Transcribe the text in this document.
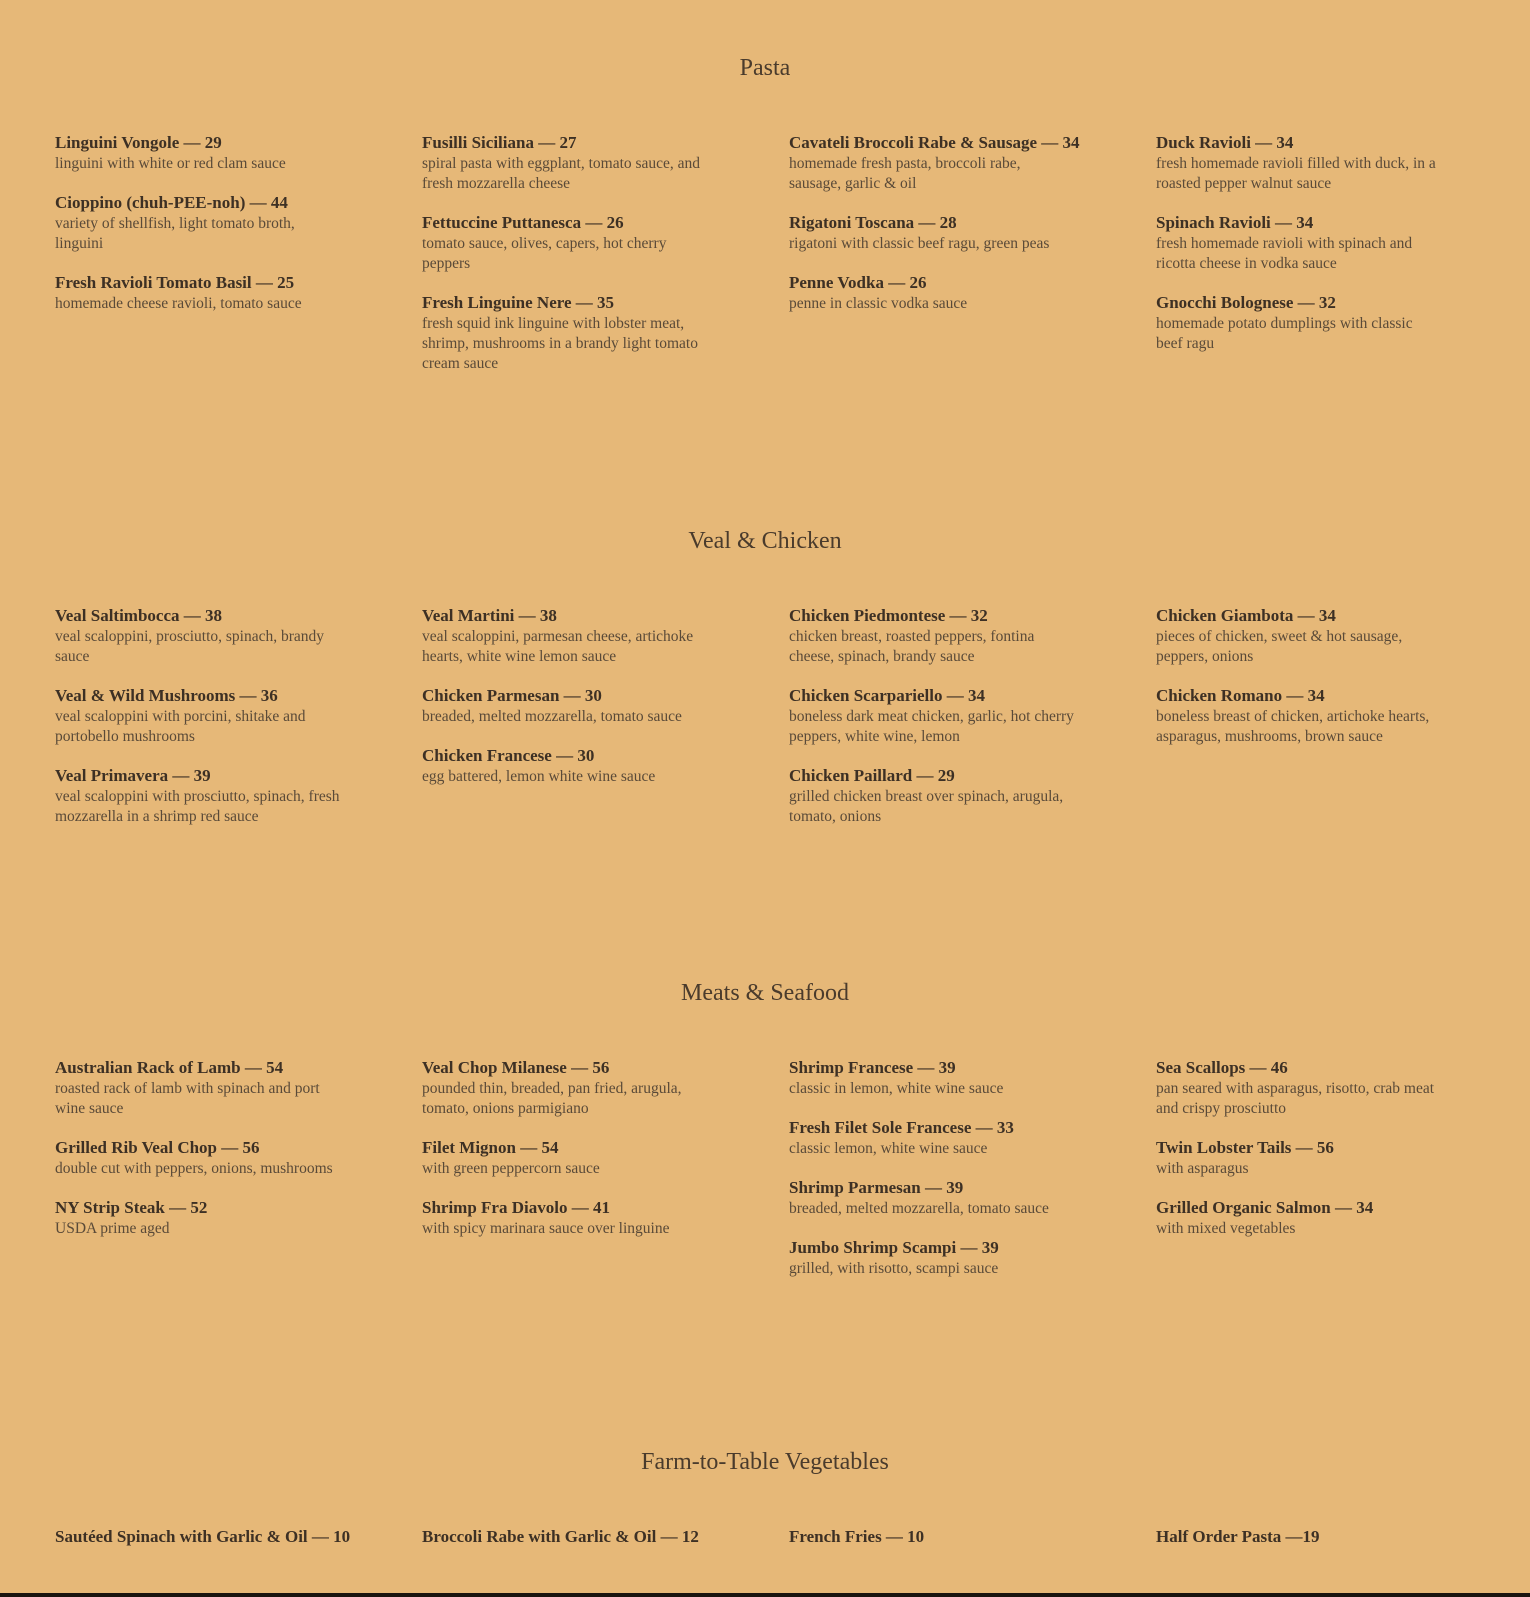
Pasta
Linguini Vongole — 29
linguini with white or red clam sauce
Cioppino (chuh-PEE-noh) — 44
variety of shellfish, light tomato broth, linguini
Fresh Ravioli Tomato Basil — 25
homemade cheese ravioli, tomato sauce
Fusilli Siciliana — 27
spiral pasta with eggplant, tomato sauce, and fresh mozzarella cheese
Fettuccine Puttanesca — 26
tomato sauce, olives, capers, hot cherry peppers
Fresh Linguine Nere — 35
fresh squid ink linguine with lobster meat, shrimp, mushrooms in a brandy light tomato cream sauce
Cavateli Broccoli Rabe & Sausage — 34
homemade fresh pasta, broccoli rabe, sausage, garlic & oil
Rigatoni Toscana — 28
rigatoni with classic beef ragu, green peas
Penne Vodka — 26
penne in classic vodka sauce
Duck Ravioli — 34
fresh homemade ravioli filled with duck, in a roasted pepper walnut sauce
Spinach Ravioli — 34
fresh homemade ravioli with spinach and ricotta cheese in vodka sauce
Gnocchi Bolognese — 32
homemade potato dumplings with classic beef ragu
Veal & Chicken
Veal Saltimbocca — 38
veal scaloppini, prosciutto, spinach, brandy sauce
Veal & Wild Mushrooms — 36
veal scaloppini with porcini, shitake and portobello mushrooms
Veal Primavera — 39
veal scaloppini with prosciutto, spinach, fresh mozzarella in a shrimp red sauce
Veal Martini — 38
veal scaloppini, parmesan cheese, artichoke hearts, white wine lemon sauce
Chicken Parmesan — 30
breaded, melted mozzarella, tomato sauce
Chicken Francese — 30
egg battered, lemon white wine sauce
Chicken Piedmontese — 32
chicken breast, roasted peppers, fontina cheese, spinach, brandy sauce
Chicken Scarpariello — 34
boneless dark meat chicken, garlic, hot cherry peppers, white wine, lemon
Chicken Paillard — 29
grilled chicken breast over spinach, arugula, tomato, onions
Chicken Giambota — 34
pieces of chicken, sweet & hot sausage, peppers, onions
Chicken Romano — 34
boneless breast of chicken, artichoke hearts, asparagus, mushrooms, brown sauce
Meats & Seafood
Australian Rack of Lamb — 54
roasted rack of lamb with spinach and port wine sauce
Grilled Rib Veal Chop — 56
double cut with peppers, onions, mushrooms
NY Strip Steak — 52
USDA prime aged
Veal Chop Milanese — 56
pounded thin, breaded, pan fried, arugula, tomato, onions parmigiano
Filet Mignon — 54
with green peppercorn sauce
Shrimp Fra Diavolo — 41
with spicy marinara sauce over linguine
Shrimp Francese — 39
classic in lemon, white wine sauce
Fresh Filet Sole Francese — 33
classic lemon, white wine sauce
Shrimp Parmesan — 39
breaded, melted mozzarella, tomato sauce
Jumbo Shrimp Scampi — 39
grilled, with risotto, scampi sauce
Sea Scallops — 46
pan seared with asparagus, risotto, crab meat and crispy prosciutto
Twin Lobster Tails — 56
with asparagus
Grilled Organic Salmon — 34
with mixed vegetables
Farm-to-Table Vegetables
Sautéed Spinach with Garlic & Oil — 10	Broccoli Rabe with Garlic & Oil — 12	French Fries — 10	Half Order Pasta —19
